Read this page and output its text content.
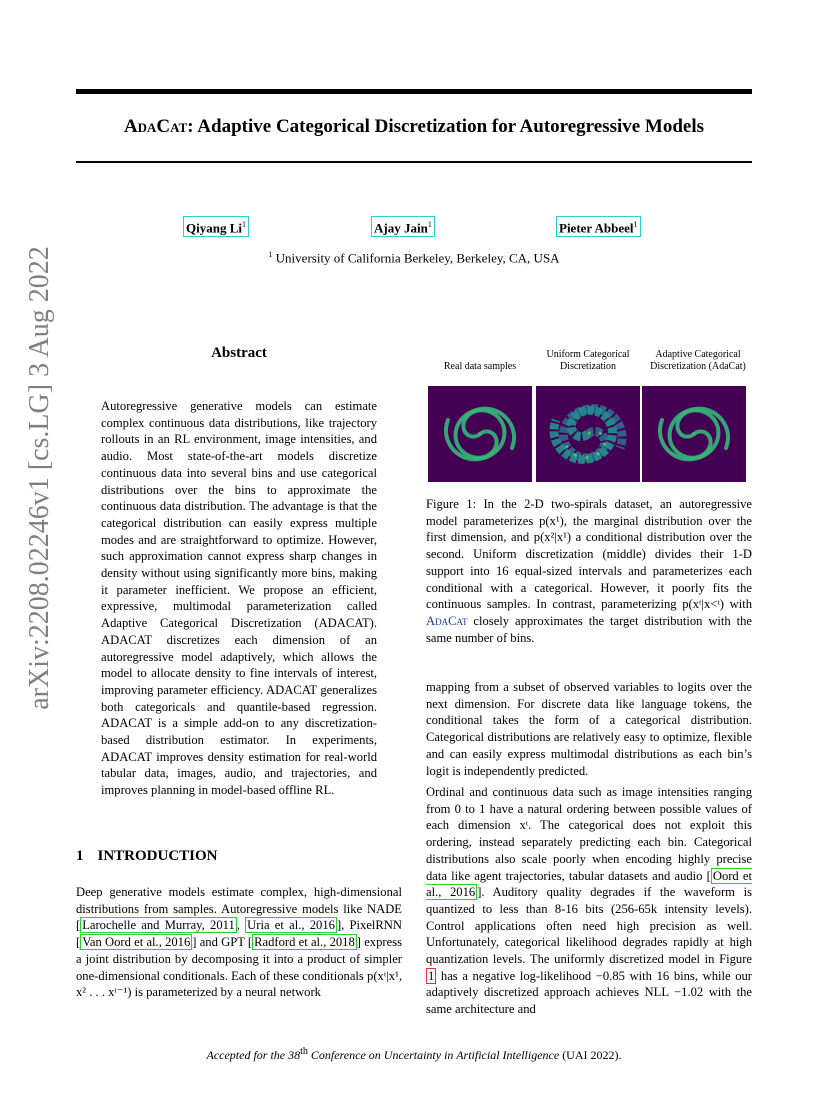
AdaCat: Adaptive Categorical Discretization for Autoregressive Models
Qiyang Li$^1$	Ajay Jain$^1$	Pieter Abbeel$^1$
$^1$ University of California Berkeley, Berkeley, CA, USA
arXiv:2208.02246v1 [cs.LG] 3 Aug 2022	Abstract
Autoregressive generative models can estimate complex continuous data distributions, like trajectory rollouts in an RL environment, image intensities, and audio. Most state-of-the-art models discretize continuous data into several bins and use categorical distributions over the bins to approximate the continuous data distribution. The advantage is that the categorical distribution can easily express multiple modes and are straightforward to optimize. However, such approximation cannot express sharp changes in density without using significantly more bins, making it parameter inefficient. We propose an efficient, expressive, multimodal parameterization called Adaptive Categorical Discretization (ADACAT). ADACAT discretizes each dimension of an autoregressive model adaptively, which allows the model to allocate density to fine intervals of interest, improving parameter efficiency. ADACAT generalizes both categoricals and quantile-based regression. ADACAT is a simple add-on to any discretization-based distribution estimator. In experiments, ADACAT improves density estimation for real-world tabular data, images, audio, and trajectories, and improves planning in model-based offline RL.
Real data samples
Uniform Categorical Discretization
Adaptive Categorical Discretization (AdaCat)
Figure 1: In the 2-D two-spirals dataset, an autoregressive model parameterizes p(x¹), the marginal distribution over the first dimension, and p(x²|x¹) a conditional distribution over the second. Uniform discretization (middle) divides their 1-D support into 16 equal-sized intervals and parameterizes each conditional with a categorical. However, it poorly fits the continuous samples. In contrast, parameterizing p(xᵗ|x<ᵗ) with AdaCat closely approximates the target distribution with the same number of bins.
1 INTRODUCTION
Deep generative models estimate complex, high-dimensional distributions from samples. Autoregressive models like NADE [ Larochelle and Murray, 2011 , Uria et al., 2016 ], PixelRNN [ Van Oord et al., 2016 ] and GPT [ Radford et al., 2018 ] express a joint distribution by decomposing it into a product of simpler one-dimensional conditionals. Each of these conditionals p(xᵗ|x¹, x² . . . xᵗ⁻¹) is parameterized by a neural network
mapping from a subset of observed variables to logits over the next dimension. For discrete data like language tokens, the conditional takes the form of a categorical distribution. Categorical distributions are relatively easy to optimize, flexible and can easily express multimodal distributions as each bin’s logit is independently predicted.
Ordinal and continuous data such as image intensities ranging from 0 to 1 have a natural ordering between possible values of each dimension xᵗ. The categorical does not exploit this ordering, instead separately predicting each bin. Categorical distributions also scale poorly when encoding highly precise data like agent trajectories, tabular datasets and audio [ Oord et al., 2016 ]. Auditory quality degrades if the waveform is quantized to less than 8-16 bits (256-65k intensity levels). Control applications often need high precision as well. Unfortunately, categorical likelihood degrades rapidly at high quantization levels. The uniformly discretized model in Figure 1 has a negative log-likelihood −0.85 with 16 bins, while our adaptively discretized approach achieves NLL −1.02 with the same architecture and
Accepted for the 38th Conference on Uncertainty in Artificial Intelligence (UAI 2022).
